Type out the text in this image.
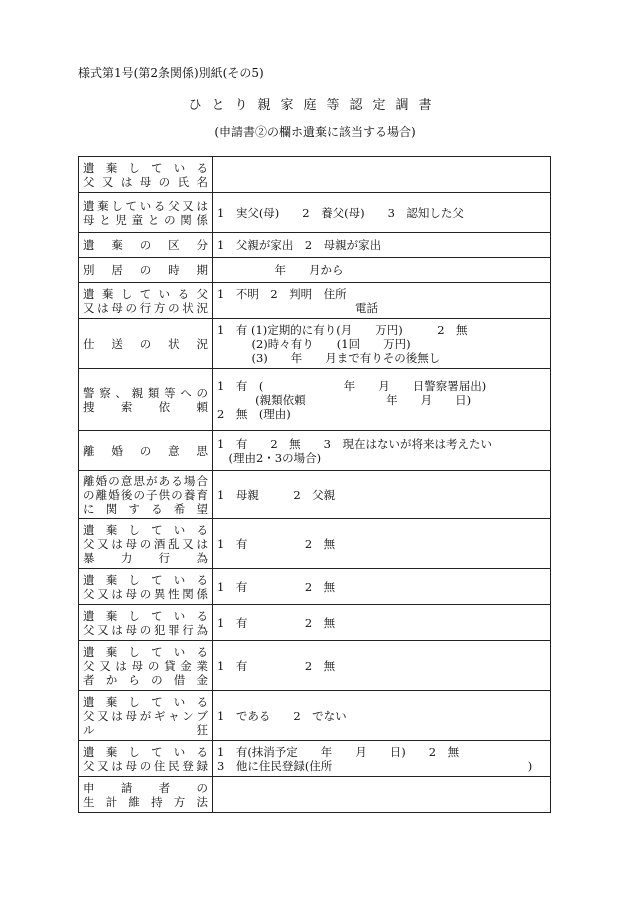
様式第1号(第2条関係)別紙(その5)
ひとり親家庭等認定調書
(申請書②の欄ホ遺棄に該当する場合)
遺 棄 し て い る
父 又 は 母 の 氏 名	

遺棄している父又は
母と児童との関係	1　実父(母)　　2　養父(母)　　3　認知した父

遺棄の区分	1　父親が家出　2　母親が家出

別居の時期	　　　　　年　　月から

遺 棄 し て い る 父
又は母の行方の状況	1　不明　2　判明　住所
　　　　　　　　　　　　電話

仕送の状況	1　有 (1)定期的に有り(月　　万円)　　　2　無
　　　(2)時々有り　　(1回　　万円)
　　　(3)　　年　　月まで有りその後無し

警察、親類等への
捜索依頼	1　有　(　　　　　　　年　　月　　日警察署届出)
　　　 (親類依頼　　　　　　　年　　月　　日)
2　無　(理由)

離婚の意思	1　有　　2　無　　3　現在はないが将来は考えたい
　(理由2・3の場合)

離婚の意思がある場合
の離婚後の子供の養育
に関する希望	1　母親　　　2　父親

遺 棄 し て い る
父又は母の酒乱又は
暴力行為	1　有　　　　　2　無

遺 棄 し て い る
父又は母の異性関係	1　有　　　　　2　無

遺 棄 し て い る
父又は母の犯罪行為	1　有　　　　　2　無

遺 棄 し て い る
父又は母の貸金業
者からの借金	1　有　　　　　2　無

遺 棄 し て い る
父又は母がギャンブ
ル狂	1　である　　2　でない

遺 棄 し て い る
父又は母の住民登録	1　有(抹消予定　　年　　月　　日)　　2　無
3　他に住民登録(住所　　　　　　　　　　　　　　　　　)

申請者の
生計維持方法	
